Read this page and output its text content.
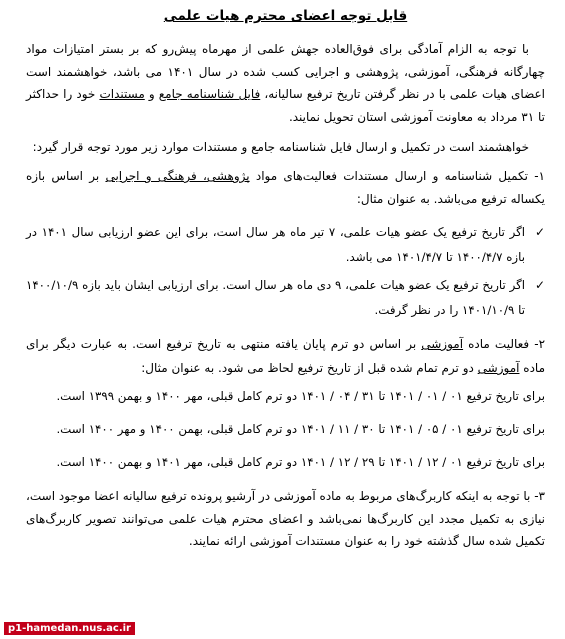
قابل توجه اعضای محترم هیات علمی

با توجه به الزام آمادگی برای فوق‌العاده جهش علمی از مهرماه پیش‌رو که بر بستر امتیازات مواد چهارگانه فرهنگی، آموزشی، پژوهشی و اجرایی کسب شده در سال ۱۴۰۱ می باشد، خواهشمند است اعضای هیات علمی با در نظر گرفتن تاریخ ترفیع سالیانه، فایل شناسنامه جامع و مستندات خود را حداکثر تا ۳۱ مرداد به معاونت آموزشی استان تحویل نمایند.

خواهشمند است در تکمیل و ارسال فایل شناسنامه جامع و مستندات موارد زیر مورد توجه قرار گیرد:

۱- تکمیل شناسنامه و ارسال مستندات فعالیت‌های مواد پژوهشی، فرهنگی و اجرایی بر اساس بازه یکساله ترفیع می‌باشد. به عنوان مثال:

✓
اگر تاریخ ترفیع یک عضو هیات علمی، ۷ تیر ماه هر سال است، برای این عضو ارزیابی سال ۱۴۰۱ در بازه ۱۴۰۰/۴/۷ تا ۱۴۰۱/۴/۷ می باشد.

✓
اگر تاریخ ترفیع یک عضو هیات علمی، ۹ دی ماه هر سال است. برای ارزیابی ایشان باید بازه ۱۴۰۰/۱۰/۹ تا ۱۴۰۱/۱۰/۹ را در نظر گرفت.

۲- فعالیت ماده آموزشی بر اساس دو ترم پایان یافته منتهی به تاریخ ترفیع است. به عبارت دیگر برای ماده آموزشی دو ترم تمام شده قبل از تاریخ ترفیع لحاظ می شود. به عنوان مثال:

برای تاریخ ترفیع ۰۱ / ۰۱ / ۱۴۰۱ تا ۳۱ / ۰۴ / ۱۴۰۱ دو ترم کامل قبلی، مهر ۱۴۰۰ و بهمن ۱۳۹۹ است.

برای تاریخ ترفیع ۰۱ / ۰۵ / ۱۴۰۱ تا ۳۰ / ۱۱ / ۱۴۰۱ دو ترم کامل قبلی، بهمن ۱۴۰۰ و مهر ۱۴۰۰ است.

برای تاریخ ترفیع ۰۱ / ۱۲ / ۱۴۰۱ تا ۲۹ / ۱۲ / ۱۴۰۱ دو ترم کامل قبلی، مهر ۱۴۰۱ و بهمن ۱۴۰۰ است.

۳- با توجه به اینکه کاربرگ‌های مربوط به ماده آموزشی در آرشیو پرونده ترفیع سالیانه اعضا موجود است، نیازی به تکمیل مجدد این کاربرگ‌ها نمی‌باشد و اعضای محترم هیات علمی می‌توانند تصویر کاربرگ‌های تکمیل شده سال گذشته خود را به عنوان مستندات آموزشی ارائه نمایند.

p1-hamedan.nus.ac.ir
